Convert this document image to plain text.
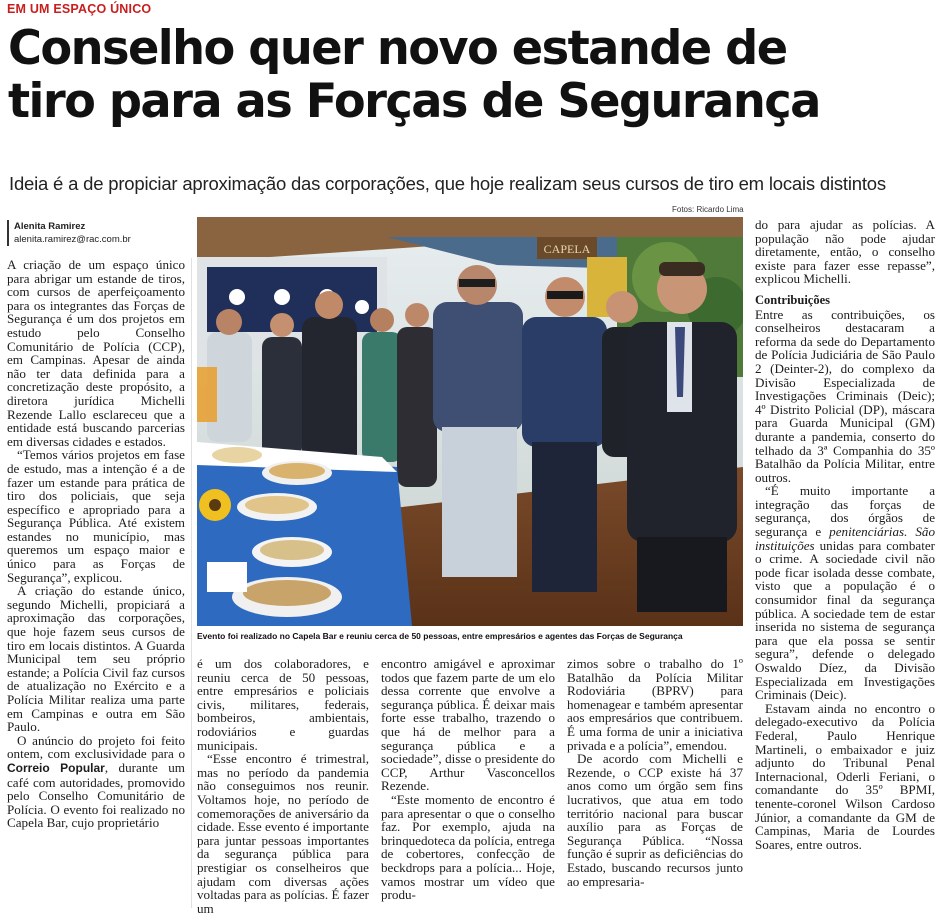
EM UM ESPAÇO ÚNICO
Conselho quer novo estande de
tiro para as Forças de Segurança
Ideia é a de propiciar aproximação das corporações, que hoje realizam seus cursos de tiro em locais distintos
Alenita Ramirez
alenita.ramirez@rac.com.br
Fotos: Ricardo Lima
CAPELA
Evento foi realizado no Capela Bar e reuniu cerca de 50 pessoas, entre empresários e agentes das Forças de Segurança

A criação de um espaço único para abrigar um estande de tiros, com cursos de aperfeiçoamento para os integrantes das Forças de Segurança é um dos projetos em estudo pelo Conselho Comunitário de Polícia (CCP), em Campinas. Apesar de ainda não ter data definida para a concretização deste propósito, a diretora jurídica Michelli Rezende Lallo esclareceu que a entidade está buscando parcerias em diversas cidades e estados.

“Temos vários projetos em fase de estudo, mas a intenção é a de fazer um estande para prática de tiro dos policiais, que seja específico e apropriado para a Segurança Pública. Até existem estandes no município, mas queremos um espaço maior e único para as Forças de Segurança”, explicou.

A criação do estande único, segundo Michelli, propiciará a aproximação das corporações, que hoje fazem seus cursos de tiro em locais distintos. A Guarda Municipal tem seu próprio estande; a Polícia Civil faz cursos de atualização no Exército e a Polícia Militar realiza uma parte em Campinas e outra em São Paulo.

O anúncio do projeto foi feito ontem, com exclusividade para o Correio Popular, durante um café com autoridades, promovido pelo Conselho Comunitário de Polícia. O evento foi realizado no Capela Bar, cujo proprietário

é um dos colaboradores, e reuniu cerca de 50 pessoas, entre empresários e policiais civis, militares, federais, bombeiros, ambientais, rodoviários e guardas municipais.

“Esse encontro é trimestral, mas no período da pandemia não conseguimos nos reunir. Voltamos hoje, no período de comemorações de aniversário da cidade. Esse evento é importante para juntar pessoas importantes da segurança pública para prestigiar os conselheiros que ajudam com diversas ações voltadas para as polícias. É fazer um

encontro amigável e aproximar todos que fazem parte de um elo dessa corrente que envolve a segurança pública. É deixar mais forte esse trabalho, trazendo o que há de melhor para a segurança pública e a sociedade”, disse o presidente do CCP, Arthur Vasconcellos Rezende.

“Este momento de encontro é para apresentar o que o conselho faz. Por exemplo, ajuda na brinquedoteca da polícia, entrega de cobertores, confecção de beckdrops para a polícia... Hoje, vamos mostrar um vídeo que produ-

zimos sobre o trabalho do 1º Batalhão da Polícia Militar Rodoviária (BPRV) para homenagear e também apresentar aos empresários que contribuem. É uma forma de unir a iniciativa privada e a polícia”, emendou.

De acordo com Michelli e Rezende, o CCP existe há 37 anos como um órgão sem fins lucrativos, que atua em todo território nacional para buscar auxílio para as Forças de Segurança Pública. “Nossa função é suprir as deficiências do Estado, buscando recursos junto ao empresaria-

do para ajudar as polícias. A população não pode ajudar diretamente, então, o conselho existe para fazer esse repasse”, explicou Michelli.

Contribuições

Entre as contribuições, os conselheiros destacaram a reforma da sede do Departamento de Polícia Judiciária de São Paulo 2 (Deinter-2), do complexo da Divisão Especializada de Investigações Criminais (Deic); 4º Distrito Policial (DP), máscara para Guarda Municipal (GM) durante a pandemia, conserto do telhado da 3ª Companhia do 35º Batalhão da Polícia Militar, entre outros.

“É muito importante a integração das forças de segurança, dos órgãos de segurança e penitenciárias. São instituições unidas para combater o crime. A sociedade civil não pode ficar isolada desse combate, visto que a população é o consumidor final da segurança pública. A sociedade tem de estar inserida no sistema de segurança para que ela possa se sentir segura”, defende o delegado Oswaldo Díez, da Divisão Especializada em Investigações Criminais (Deic).

Estavam ainda no encontro o delegado-executivo da Polícia Federal, Paulo Henrique Martineli, o embaixador e juiz adjunto do Tribunal Penal Internacional, Oderli Feriani, o comandante do 35º BPMI, tenente-coronel Wilson Cardoso Júnior, a comandante da GM de Campinas, Maria de Lourdes Soares, entre outros.
